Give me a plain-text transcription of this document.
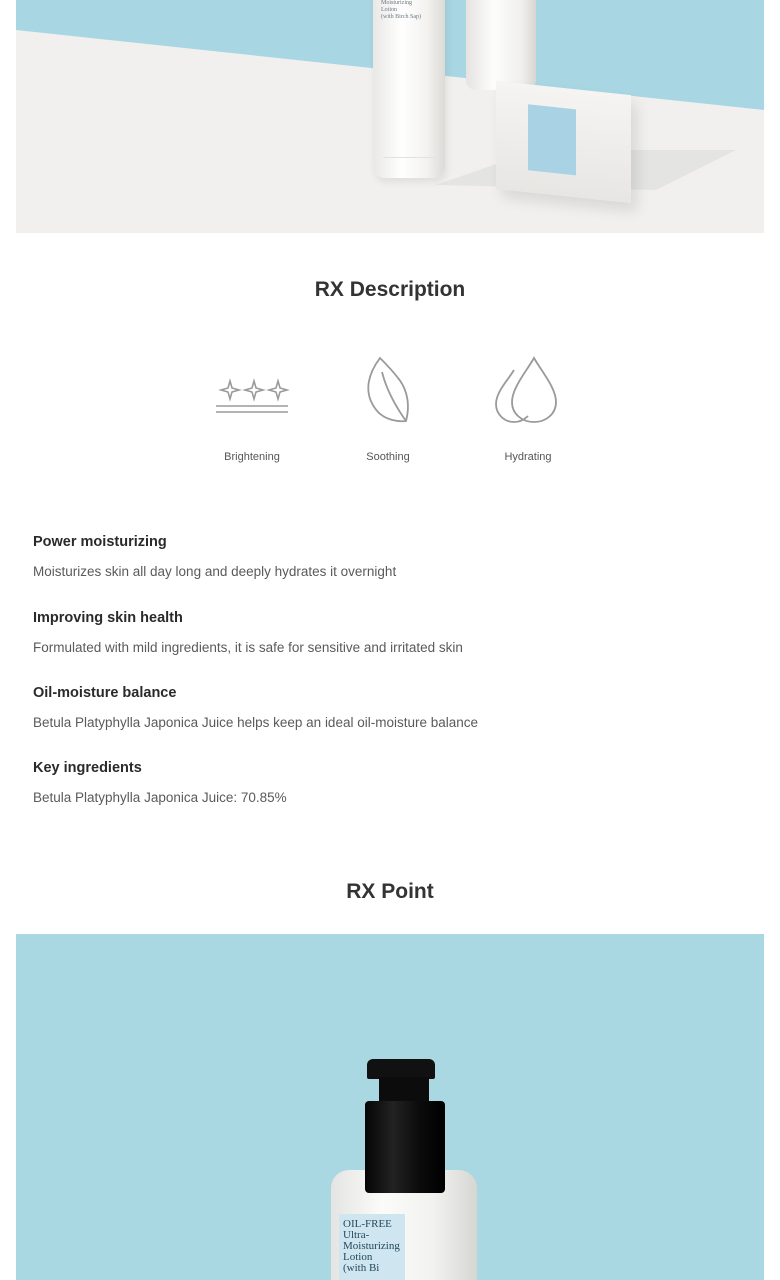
Moisturizing
Lotion
(with Birch Sap)
RX Description
Brightening	Soothing	Hydrating

Power moisturizing

Moisturizes skin all day long and deeply hydrates it overnight

Improving skin health

Formulated with mild ingredients, it is safe for sensitive and irritated skin

Oil-moisture balance

Betula Platyphylla Japonica Juice helps keep an ideal oil-moisture balance

Key ingredients

Betula Platyphylla Japonica Juice: 70.85%

RX Point
OIL-FREE
Ultra-
Moisturizing
Lotion
(with Bi
